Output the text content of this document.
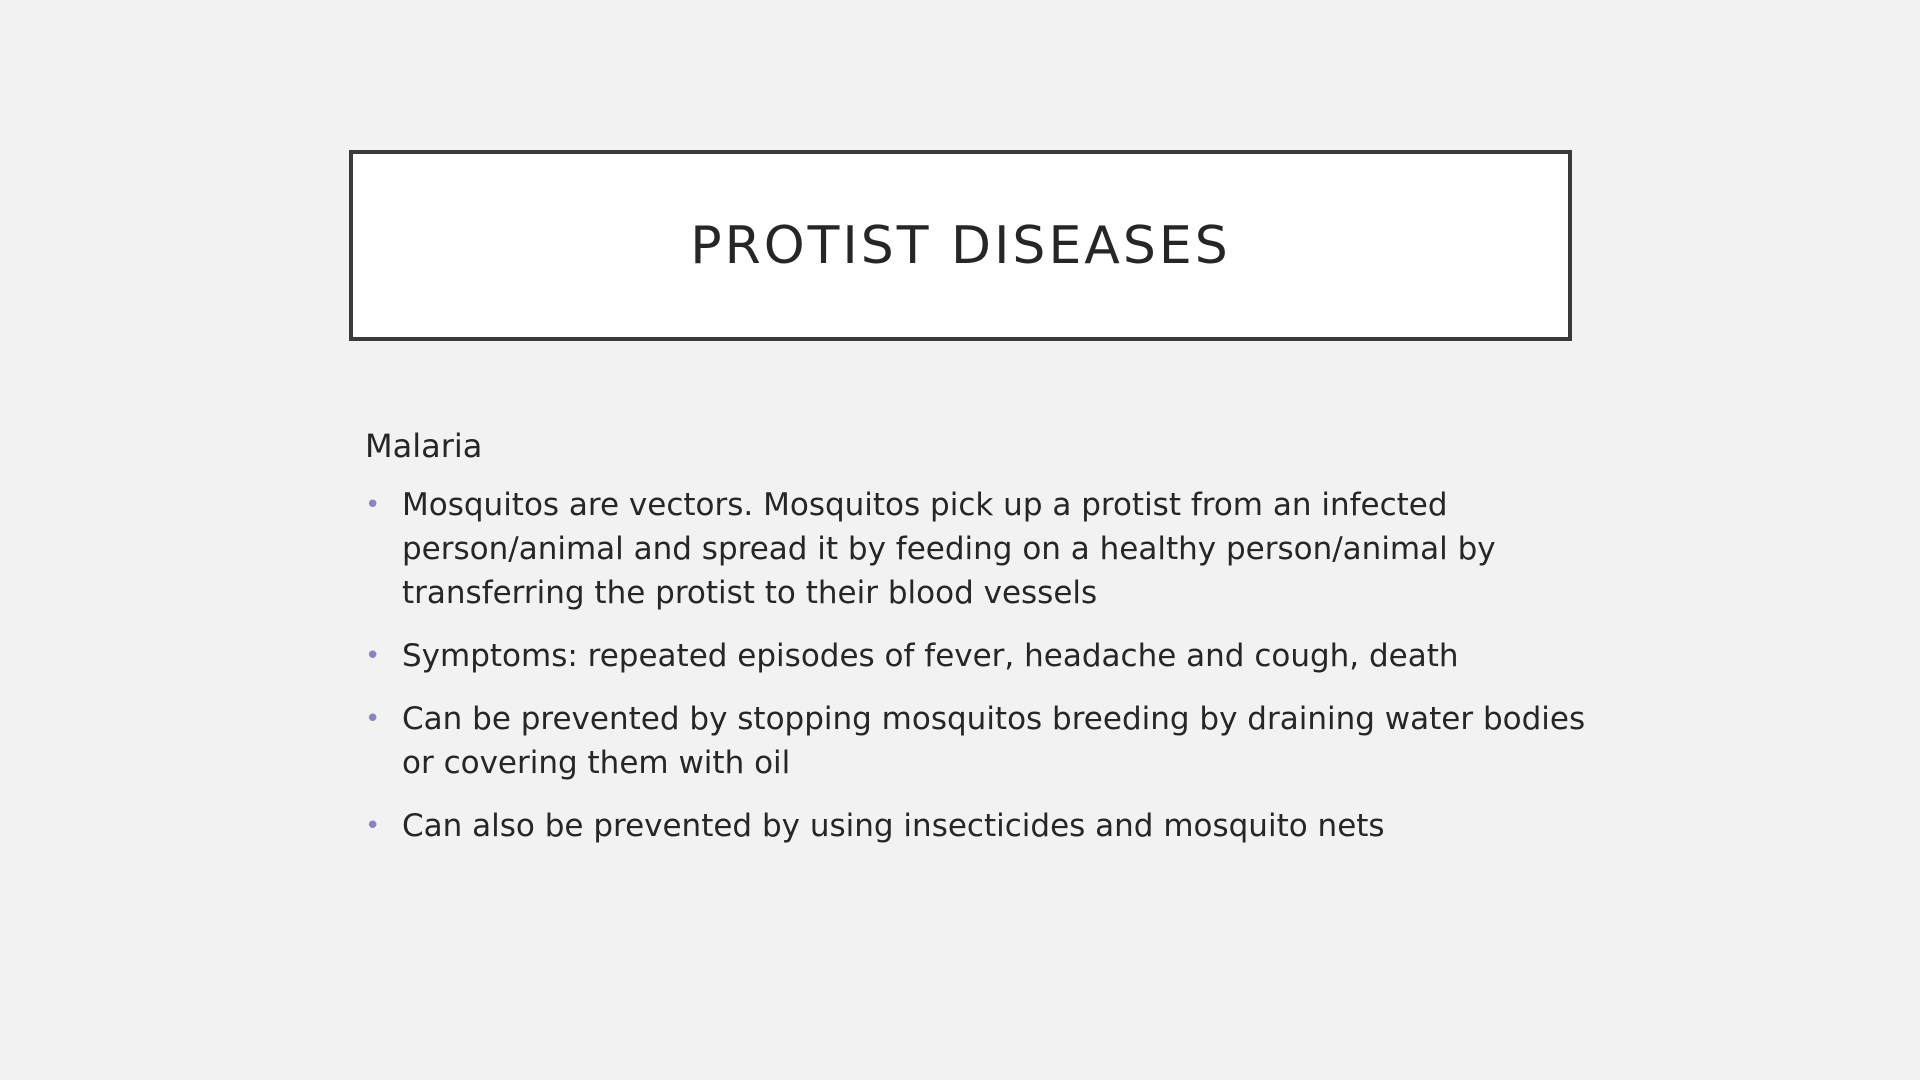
PROTIST DISEASES
Malaria
• Mosquitos are vectors. Mosquitos pick up a protist from an infected person/animal and spread it by feeding on a healthy person/animal by transferring the protist to their blood vessels
• Symptoms: repeated episodes of fever, headache and cough, death
• Can be prevented by stopping mosquitos breeding by draining water bodies or covering them with oil
• Can also be prevented by using insecticides and mosquito nets
